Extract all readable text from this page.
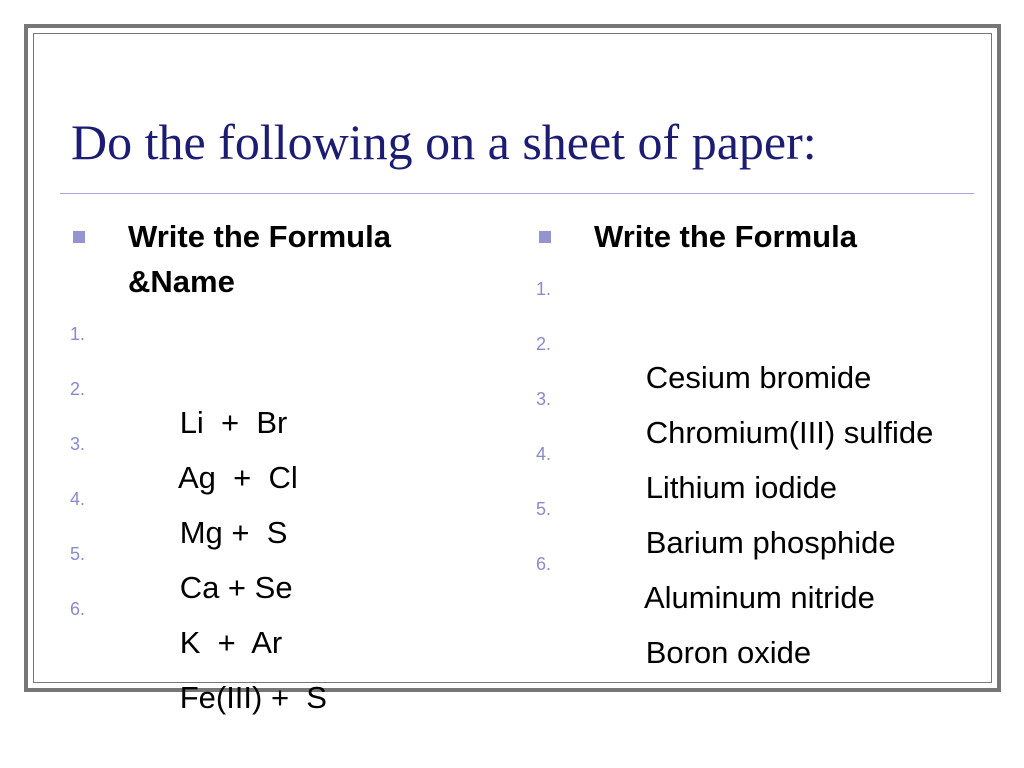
Do the following on a sheet of paper:
Write the Formula &Name

1.

Li  +  Br

2.

Ag  +  Cl

3.

Mg +  S

4.

Ca + Se

5.

K  +  Ar

6.

Fe(III) +  S

Write the Formula

1.

Cesium bromide

2.

Chromium(III) sulfide

3.

Lithium iodide

4.

Barium phosphide

5.

Aluminum nitride

6.

Boron oxide
